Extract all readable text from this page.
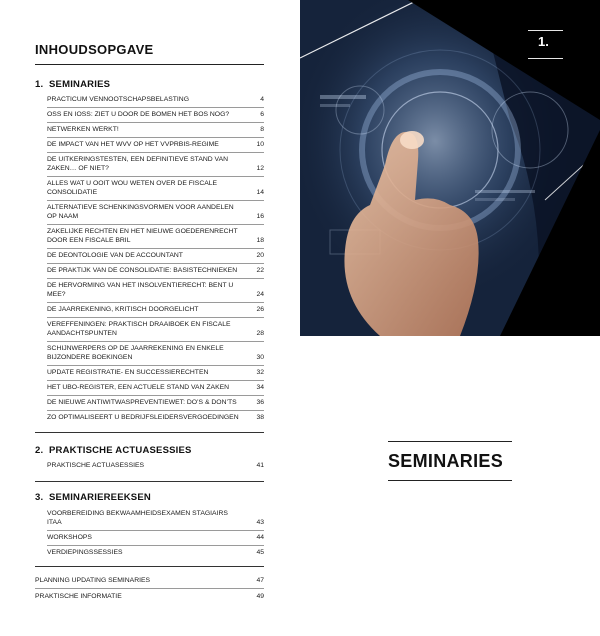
INHOUDSOPGAVE
1. SEMINARIES
PRACTICUM VENNOOTSCHAPSBELASTING	4
OSS EN IOSS: ZIET U DOOR DE BOMEN HET BOS NOG?	6
NETWERKEN WERKT!	8
DE IMPACT VAN HET WVV OP HET VVPRBIS-REGIME	10
DE UITKERINGSTESTEN, EEN DEFINITIEVE STAND VAN ZAKEN… OF NIET?	12
ALLES WAT U OOIT WOU WETEN OVER DE FISCALE CONSOLIDATIE	14
ALTERNATIEVE SCHENKINGSVORMEN VOOR AANDELEN OP NAAM	16
ZAKELIJKE RECHTEN EN HET NIEUWE GOEDERENRECHT DOOR EEN FISCALE BRIL	18
DE DEONTOLOGIE VAN DE ACCOUNTANT	20
DE PRAKTIJK VAN DE CONSOLIDATIE: BASISTECHNIEKEN	22
DE HERVORMING VAN HET INSOLVENTIERECHT: BENT U MEE?	24
DE JAARREKENING, KRITISCH DOORGELICHT	26
VEREFFENINGEN: PRAKTISCH DRAAIBOEK EN FISCALE AANDACHTSPUNTEN	28
SCHIJNWERPERS OP DE JAARREKENING EN ENKELE BIJZONDERE BOEKINGEN	30
UPDATE REGISTRATIE- EN SUCCESSIERECHTEN	32
HET UBO-REGISTER, EEN ACTUELE STAND VAN ZAKEN	34
DE NIEUWE ANTIWITWASPREVENTIEWET: DO’S & DON’TS	36
ZO OPTIMALISEERT U BEDRIJFSLEIDERSVERGOEDINGEN	38
2. PRAKTISCHE ACTUASESSIES
PRAKTISCHE ACTUASESSIES	41
3. SEMINARIEREEKSEN
VOORBEREIDING BEKWAAMHEIDSEXAMEN STAGIAIRS ITAA	43
WORKSHOPS	44
VERDIEPINGSSESSIES	45
PLANNING UPDATING SEMINARIES	47
PRAKTISCHE INFORMATIE	49
1.
SEMINARIES
